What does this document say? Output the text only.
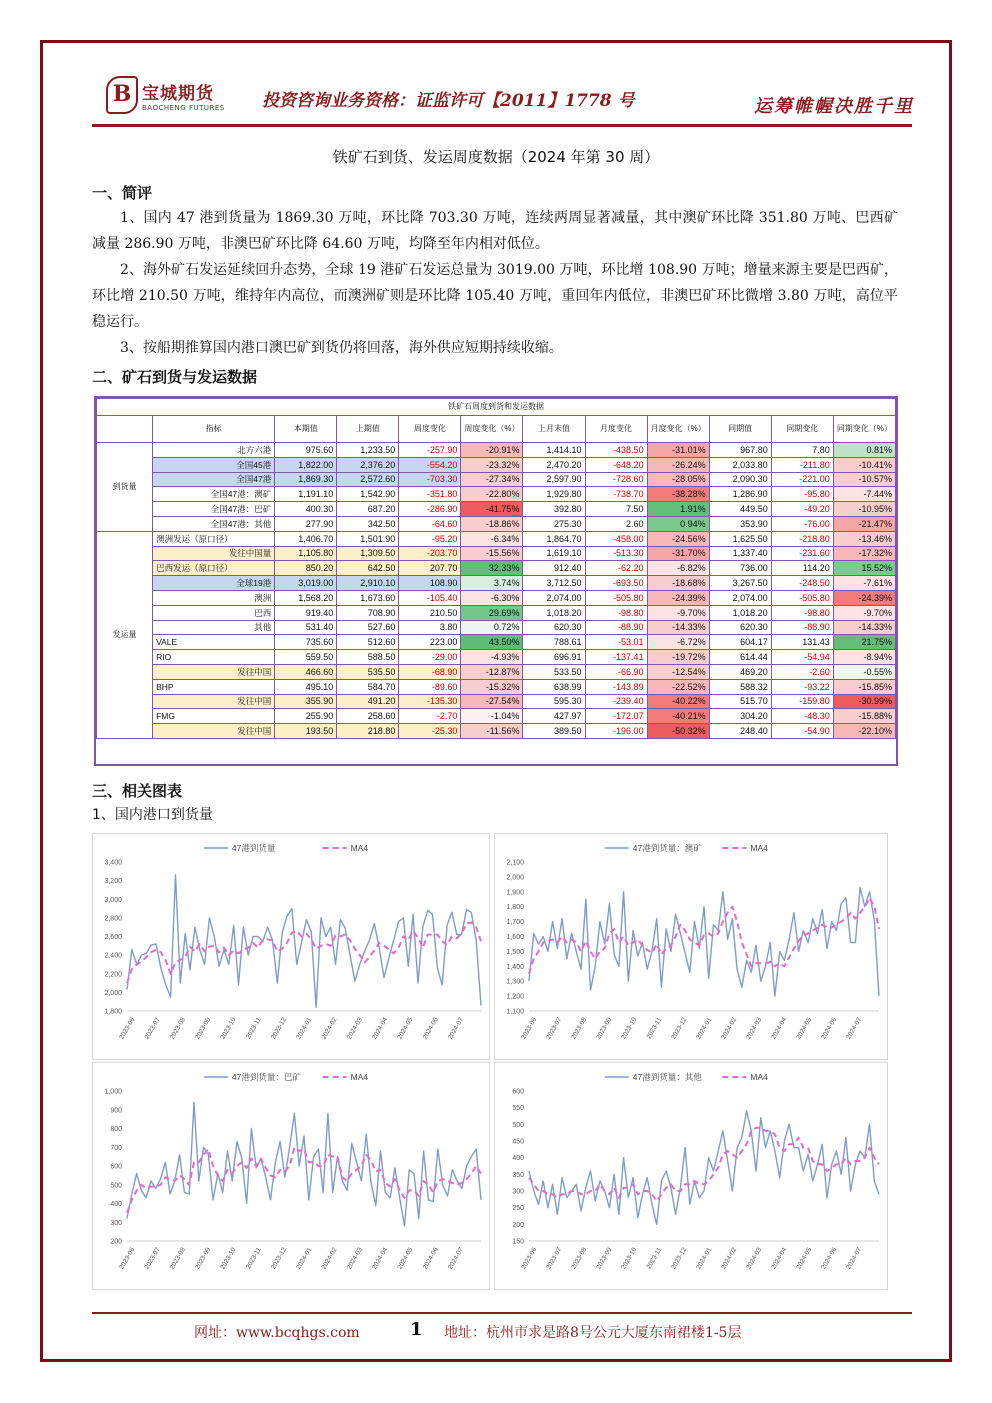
B 宝城期货
BAOCHENG FUTURES 投资咨询业务资格：证监许可【2011】1778 号	运筹帷幄决胜千里
铁矿石到货、发运周度数据（2024 年第 30 周）
一、简评

1、国内 47 港到货量为 1869.30 万吨，环比降 703.30 万吨，连续两周显著减量，其中澳矿环比降 351.80 万吨、巴西矿减量 286.90 万吨，非澳巴矿环比降 64.60 万吨，均降至年内相对低位。

2、海外矿石发运延续回升态势，全球 19 港矿石发运总量为 3019.00 万吨，环比增 108.90 万吨；增量来源主要是巴西矿，环比增 210.50 万吨，维持年内高位，而澳洲矿则是环比降 105.40 万吨，重回年内低位，非澳巴矿环比微增 3.80 万吨，高位平稳运行。

3、按船期推算国内港口澳巴矿到货仍将回落，海外供应短期持续收缩。

二、矿石到货与发运数据
铁矿石周度到货和发运数据											
	指标	本期值	上期值	周度变化	周度变化（%）	上月末值	月度变化	月度变化（%）	同期值	同期变化	同期变化（%）
到货量	北方六港	975.60	1,233.50	-257.90	-20.91%	1,414.10	-438.50	-31.01%	967.80	7.80	0.81%
	全国45港	1,822.00	2,376.20	-554.20	-23.32%	2,470.20	-648.20	-26.24%	2,033.80	-211.80	-10.41%
	全国47港	1,869.30	2,572.60	-703.30	-27.34%	2,597.90	-728.60	-28.05%	2,090.30	-221.00	-10.57%
	全国47港：澳矿	1,191.10	1,542.90	-351.80	-22.80%	1,929.80	-738.70	-38.28%	1,286.90	-95.80	-7.44%
	全国47港：巴矿	400.30	687.20	-286.90	-41.75%	392.80	7.50	1.91%	449.50	-49.20	-10.95%
	全国47港：其他	277.90	342.50	-64.60	-18.86%	275.30	2.60	0.94%	353.90	-76.00	-21.47%
发运量	澳洲发运（原口径）	1,406.70	1,501.90	-95.20	-6.34%	1,864.70	-458.00	-24.56%	1,625.50	-218.80	-13.46%
	发往中国量	1,105.80	1,309.50	-203.70	-15.56%	1,619.10	-513.30	-31.70%	1,337.40	-231.60	-17.32%
	巴西发运（原口径）	850.20	642.50	207.70	32.33%	912.40	-62.20	-6.82%	736.00	114.20	15.52%
	全球19港	3,019.00	2,910.10	108.90	3.74%	3,712.50	-693.50	-18.68%	3,267.50	-248.50	-7.61%
	澳洲	1,568.20	1,673.60	-105.40	-6.30%	2,074.00	-505.80	-24.39%	2,074.00	-505.80	-24.39%
	巴西	919.40	708.90	210.50	29.69%	1,018.20	-98.80	-9.70%	1,018.20	-98.80	-9.70%
	其他	531.40	527.60	3.80	0.72%	620.30	-88.90	-14.33%	620.30	-88.90	-14.33%
	VALE	735.60	512.60	223.00	43.50%	788.61	-53.01	-6.72%	604.17	131.43	21.75%
	RIO	559.50	588.50	-29.00	-4.93%	696.91	-137.41	-19.72%	614.44	-54.94	-8.94%
	发往中国	466.60	535.50	-68.90	-12.87%	533.50	-66.90	-12.54%	469.20	-2.60	-0.55%
	BHP	495.10	584.70	-89.60	-15.32%	638.99	-143.89	-22.52%	588.32	-93.22	-15.85%
	发往中国	355.90	491.20	-135.30	-27.54%	595.30	-239.40	-40.22%	515.70	-159.80	-30.99%
	FMG	255.90	258.60	-2.70	-1.04%	427.97	-172.07	-40.21%	304.20	-48.30	-15.88%
	发往中国	193.50	218.80	-25.30	-11.56%	389.50	-196.00	-50.32%	248.40	-54.90	-22.10%
三、相关图表
1、国内港口到货量
1,800
2,000
2,200
2,400
2,600
2,800
3,000
3,200
3,400
2023-06 2023-07 2023-08 2023-09 2023-10 2023-11 2023-12 2024-01 2024-02 2024-03 2024-04 2024-05 2024-06 2024-07
47港到货量	MA4
1,100
1,200
1,300
1,400
1,500
1,600
1,700
1,800
1,900
2,000
2,100
2023-06 2023-07 2023-08 2023-09 2023-10 2023-11 2023-12 2024-01 2024-02 2024-03 2024-04 2024-05 2024-06 2024-07
47港到货量：澳矿	MA4
200
300
400
500
600
700
800
900
1,000
2023-06 2023-07 2023-08 2023-09 2023-10 2023-11 2023-12 2024-01 2024-02 2024-03 2024-04 2024-05 2024-06 2024-07
47港到货量：巴矿	MA4
150
200
250
300
350
400
450
500
550
600
2023-06 2023-07 2023-08 2023-09 2023-10 2023-11 2023-12 2024-01 2024-02 2024-03 2024-04 2024-05 2024-06 2024-07
47港到货量：其他	MA4
网址：www.bcqhgs.com	1 地址：杭州市求是路8号公元大厦东南裙楼1-5层
